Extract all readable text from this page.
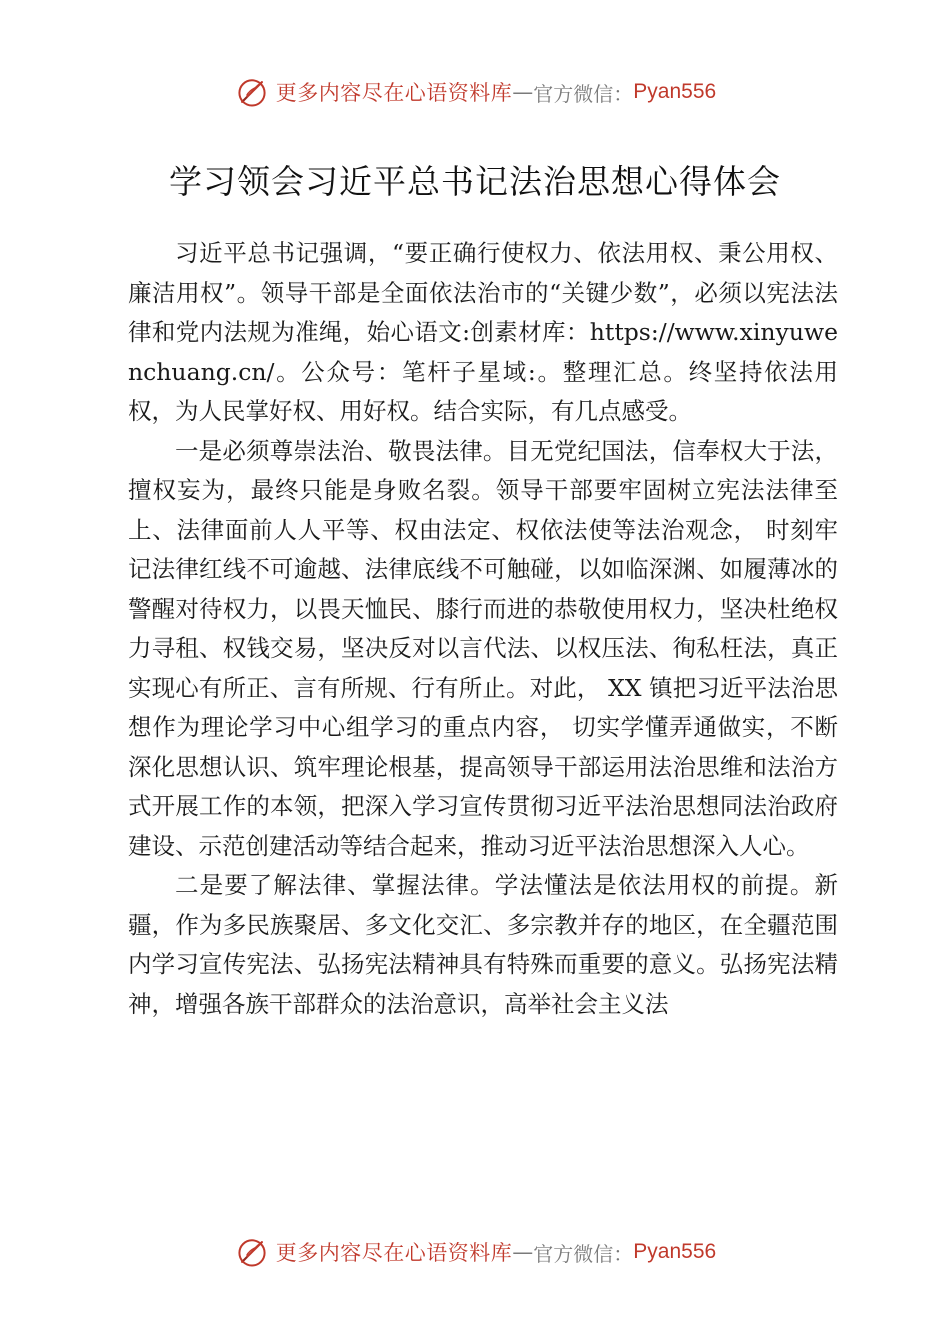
更多内容尽在心语资料库 — 官方微信： Pyan556
学习领会习近平总书记法治思想心得体会

习近平总书记强调，“要正确行使权力、依法用权、秉公用权、廉洁用权”。领导干部是全面依法治市的“关键少数”，必须以宪法法律和党内法规为准绳，始心语文:创素材库：https://www.xinyuwenchuang.cn/。公众号：笔杆子星域:。整理汇总。终坚持依法用权，为人民掌好权、用好权。结合实际，有几点感受。

一是必须尊崇法治、敬畏法律。目无党纪国法，信奉权大于法，擅权妄为，最终只能是身败名裂。领导干部要牢固树立宪法法律至上、法律面前人人平等、权由法定、权依法使等法治观念， 时刻牢记法律红线不可逾越、法律底线不可触碰，以如临深渊、如履薄冰的警醒对待权力，以畏天恤民、膝行而进的恭敬使用权力，坚决杜绝权力寻租、权钱交易，坚决反对以言代法、以权压法、徇私枉法，真正实现心有所正、言有所规、行有所止。对此， XX 镇把习近平法治思想作为理论学习中心组学习的重点内容， 切实学懂弄通做实，不断深化思想认识、筑牢理论根基，提高领导干部运用法治思维和法治方式开展工作的本领，把深入学习宣传贯彻习近平法治思想同法治政府建设、示范创建活动等结合起来，推动习近平法治思想深入人心。

二是要了解法律、掌握法律。学法懂法是依法用权的前提。新疆，作为多民族聚居、多文化交汇、多宗教并存的地区，在全疆范围内学习宣传宪法、弘扬宪法精神具有特殊而重要的意义。弘扬宪法精神，增强各族干部群众的法治意识，高举社会主义法

更多内容尽在心语资料库 — 官方微信： Pyan556
